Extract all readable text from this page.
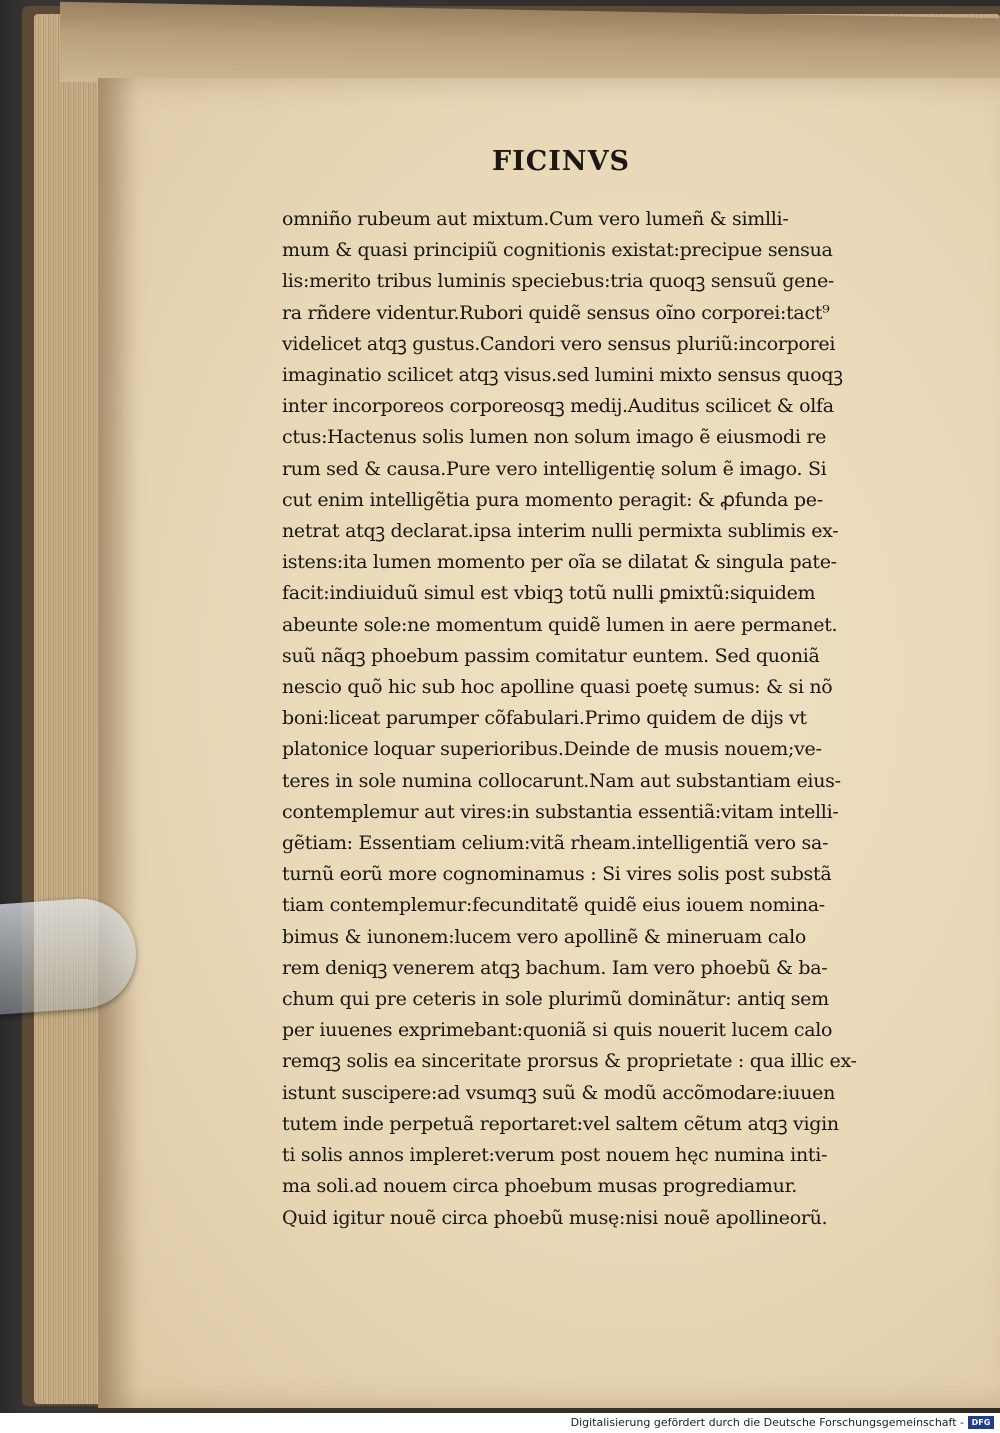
FICINVS
omniño rubeum aut mixtum.Cum vero lumeñ & simlli-
mum & quasi principiũ cognitionis existat:precipue sensua
lis:merito tribus luminis speciebus:tria quoqꝫ sensuũ gene-
ra rñdere videntur.Rubori quidẽ sensus oĩno corporei:tact⁹
videlicet atqꝫ gustus.Candori vero sensus pluriũ:incorporei
imaginatio scilicet atqꝫ visus.sed lumini mixto sensus quoqꝫ
inter incorporeos corporeosqꝫ medij.Auditus scilicet & olfa
ctus:Hactenus solis lumen non solum imago ẽ eiusmodi re
rum sed & causa.Pure vero intelligentię solum ẽ imago. Si
cut enim intelligẽtia pura momento peragit: & ꝓfunda pe-
netrat atqꝫ declarat.ipsa interim nulli permixta sublimis ex-
istens:ita lumen momento per oĩa se dilatat & singula pate-
facit:indiuiduũ simul est vbiqꝫ totũ nulli ꝑmixtũ:siquidem
abeunte sole:ne momentum quidẽ lumen in aere permanet.
suũ nãqꝫ phoebum passim comitatur euntem. Sed quoniã
nescio quõ hic sub hoc apolline quasi poetę sumus: & si nõ
boni:liceat parumper cõfabulari.Primo quidem de dijs vt
platonice loquar superioribus.Deinde de musis nouem;ve-
teres in sole numina collocarunt.Nam aut substantiam eius-
contemplemur aut vires:in substantia essentiã:vitam intelli-
gẽtiam: Essentiam celium:vitã rheam.intelligentiã vero sa-
turnũ eorũ more cognominamus : Si vires solis post substã
tiam contemplemur:fecunditatẽ quidẽ eius iouem nomina-
bimus & iunonem:lucem vero apollinẽ & mineruam calo
rem deniqꝫ venerem atqꝫ bachum. Iam vero phoebũ & ba-
chum qui pre ceteris in sole plurimũ dominãtur: antiq sem
per iuuenes exprimebant:quoniã si quis nouerit lucem calo
remqꝫ solis ea sinceritate prorsus & proprietate : qua illic ex-
istunt suscipere:ad vsumqꝫ suũ & modũ accõmodare:iuuen
tutem inde perpetuã reportaret:vel saltem cẽtum atqꝫ vigin
ti solis annos impleret:verum post nouem hęc numina inti-
ma soli.ad nouem circa phoebum musas progrediamur.
Quid igitur nouẽ circa phoebũ musę:nisi nouẽ apollineorũ.
Digitalisierung gefördert durch die Deutsche Forschungsgemeinschaft - DFG
